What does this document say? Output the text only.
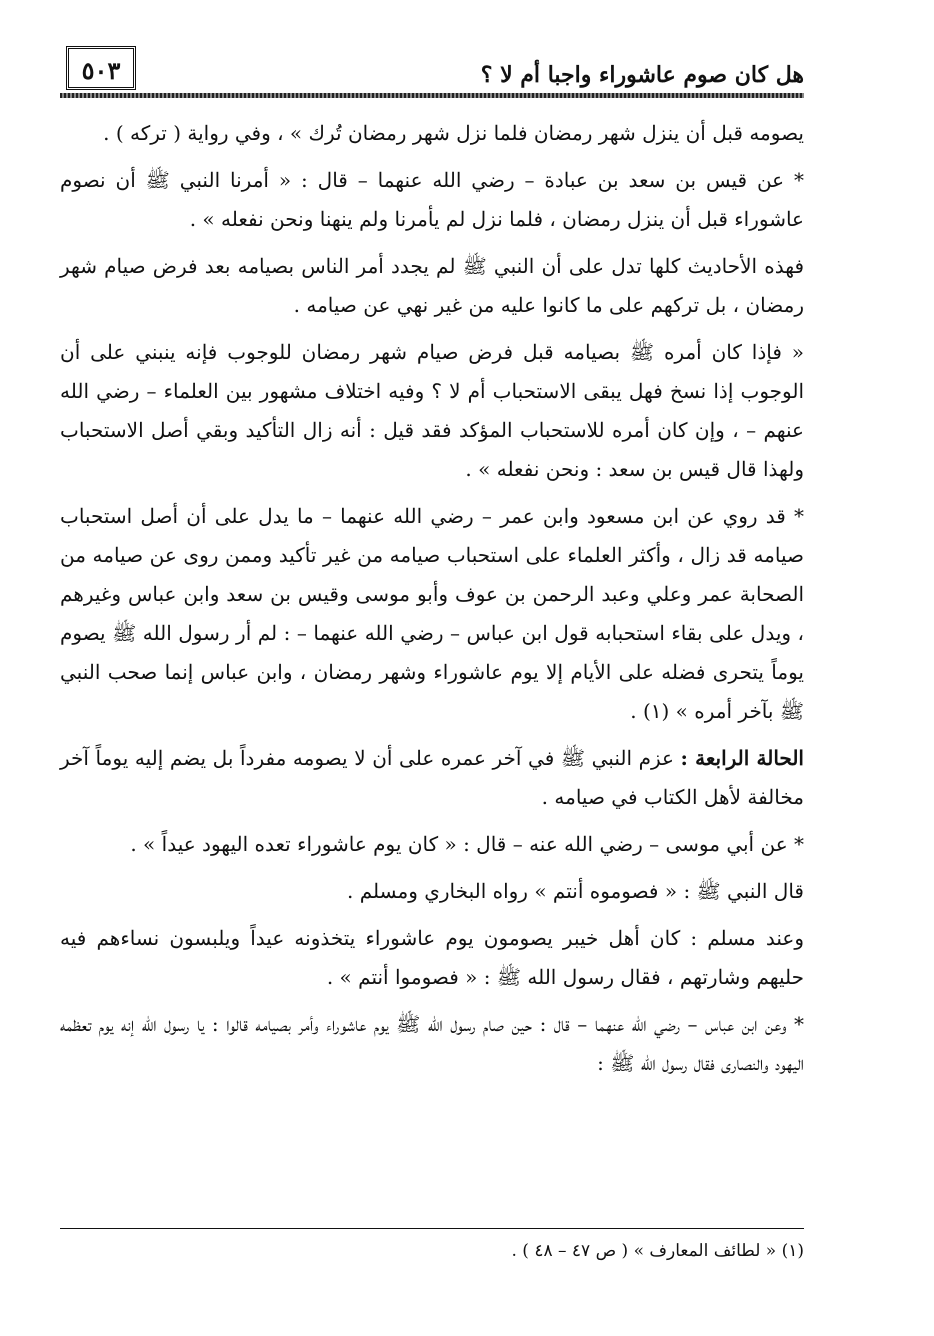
هل كان صوم عاشوراء واجبا أم لا ؟
٥٠٣

يصومه قبل أن ينزل شهر رمضان فلما نزل شهر رمضان تُرك » ، وفي رواية ( تركه ) .

* عن قيس بن سعد بن عبادة – رضي الله عنهما – قال : « أمرنا النبي ﷺ أن نصوم عاشوراء قبل أن ينزل رمضان ، فلما نزل لم يأمرنا ولم ينهنا ونحن نفعله » .

فهذه الأحاديث كلها تدل على أن النبي ﷺ لم يجدد أمر الناس بصيامه بعد فرض صيام شهر رمضان ، بل تركهم على ما كانوا عليه من غير نهي عن صيامه .

« فإذا كان أمره ﷺ بصيامه قبل فرض صيام شهر رمضان للوجوب فإنه ينبني على أن الوجوب إذا نسخ فهل يبقى الاستحباب أم لا ؟ وفيه اختلاف مشهور بين العلماء – رضي الله عنهم – ، وإن كان أمره للاستحباب المؤكد فقد قيل : أنه زال التأكيد وبقي أصل الاستحباب ولهذا قال قيس بن سعد : ونحن نفعله » .

* قد روي عن ابن مسعود وابن عمر – رضي الله عنهما – ما يدل على أن أصل استحباب صيامه قد زال ، وأكثر العلماء على استحباب صيامه من غير تأكيد وممن روى عن صيامه من الصحابة عمر وعلي وعبد الرحمن بن عوف وأبو موسى وقيس بن سعد وابن عباس وغيرهم ، ويدل على بقاء استحبابه قول ابن عباس – رضي الله عنهما – : لم أر رسول الله ﷺ يصوم يوماً يتحرى فضله على الأيام إلا يوم عاشوراء وشهر رمضان ، وابن عباس إنما صحب النبي ﷺ بآخر أمره » (١) .

الحالة الرابعة : عزم النبي ﷺ في آخر عمره على أن لا يصومه مفرداً بل يضم إليه يوماً آخر مخالفة لأهل الكتاب في صيامه .

* عن أبي موسى – رضي الله عنه – قال : « كان يوم عاشوراء تعده اليهود عيداً » .

قال النبي ﷺ : « فصوموه أنتم » رواه البخاري ومسلم .

وعند مسلم : كان أهل خيبر يصومون يوم عاشوراء يتخذونه عيداً ويلبسون نساءهم فيه حليهم وشارتهم ، فقال رسول الله ﷺ : « فصوموا أنتم » .

* وعن ابن عباس – رضي الله عنهما – قال : حين صام رسول الله ﷺ يوم عاشوراء وأمر بصيامه قالوا : يا رسول الله إنه يوم تعظمه اليهود والنصارى فقال رسول الله ﷺ :

(١) « لطائف المعارف » ( ص ٤٧ – ٤٨ ) .
